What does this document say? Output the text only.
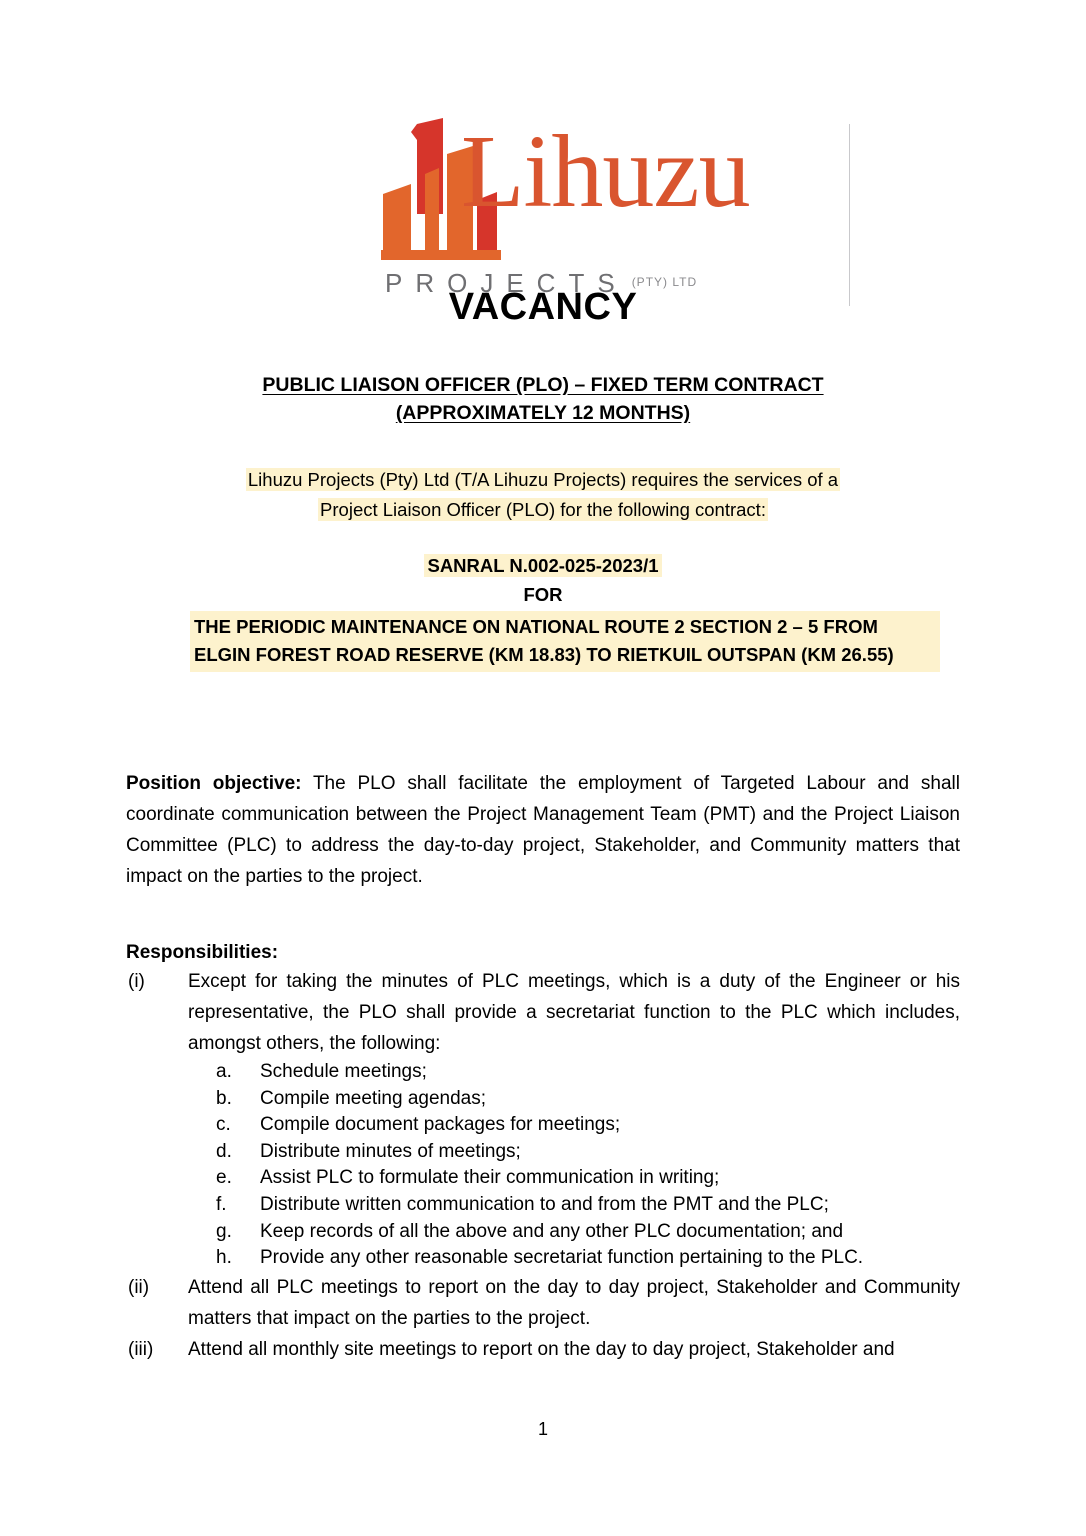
Lihuzu
PROJECTS $^{(PTY) LTD}$
VACANCY
PUBLIC LIAISON OFFICER (PLO) – FIXED TERM CONTRACT
(APPROXIMATELY 12 MONTHS)
Lihuzu Projects (Pty) Ltd (T/A Lihuzu Projects) requires the services of a
Project Liaison Officer (PLO) for the following contract:
SANRAL N.002-025-2023/1
FOR
THE PERIODIC MAINTENANCE ON NATIONAL ROUTE 2 SECTION 2 – 5 FROM ELGIN FOREST ROAD RESERVE (KM 18.83) TO RIETKUIL OUTSPAN (KM 26.55)
Position objective: The PLO shall facilitate the employment of Targeted Labour and shall coordinate communication between the Project Management Team (PMT) and the Project Liaison Committee (PLC) to address the day-to-day project, Stakeholder, and Community matters that impact on the parties to the project.
Responsibilities:
(i)	Except for taking the minutes of PLC meetings, which is a duty of the Engineer or his representative, the PLO shall provide a secretariat function to the PLC which includes, amongst others, the following:
a.	Schedule meetings;
b.	Compile meeting agendas;
c.	Compile document packages for meetings;
d.	Distribute minutes of meetings;
e.	Assist PLC to formulate their communication in writing;
f.	Distribute written communication to and from the PMT and the PLC;
g.	Keep records of all the above and any other PLC documentation; and
h.	Provide any other reasonable secretariat function pertaining to the PLC.
(ii)	Attend all PLC meetings to report on the day to day project, Stakeholder and Community matters that impact on the parties to the project.
(iii)	Attend all monthly site meetings to report on the day to day project, Stakeholder and
1
